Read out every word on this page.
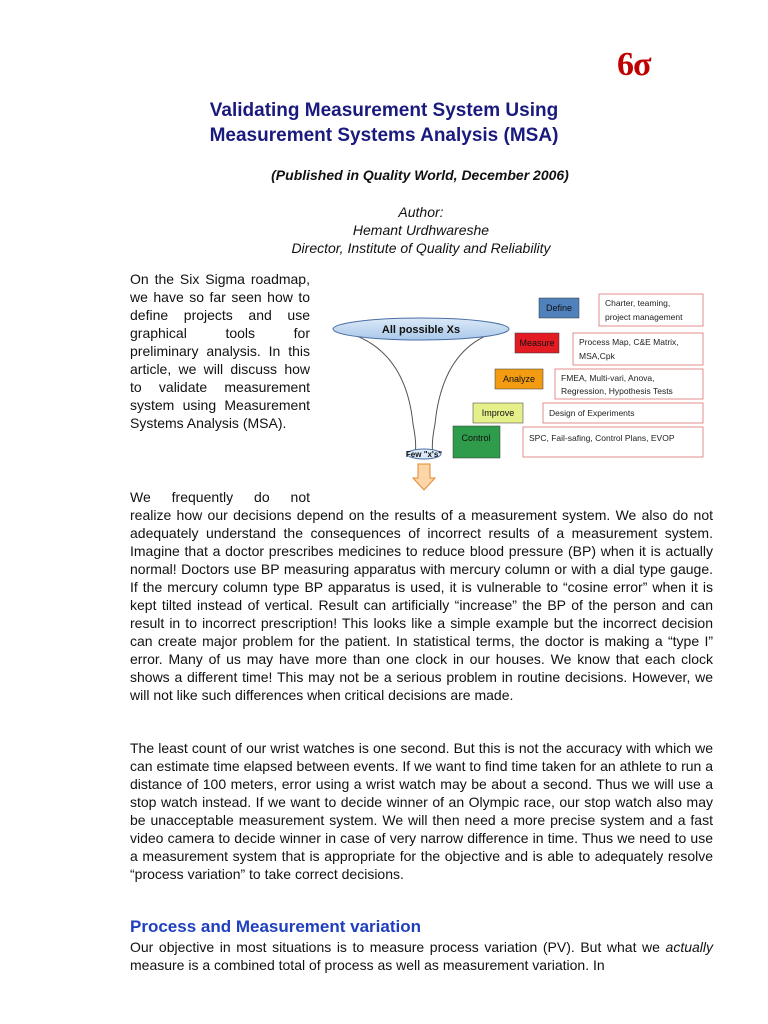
6σ
Validating Measurement System Using
Measurement Systems Analysis (MSA)
(Published in Quality World, December 2006)
Author:
Hemant Urdhwareshe
Director, Institute of Quality and Reliability
On the Six Sigma roadmap, we have so far seen how to define projects and use graphical tools for preliminary analysis. In this article, we will discuss how to validate measurement system using Measurement Systems Analysis (MSA).
All possible Xs
Few "x's"
Define	Charter, teaming,
project management
Measure	Process Map, C&E Matrix,
MSA,Cpk
Analyze	FMEA, Multi-vari, Anova,
Regression, Hypothesis Tests
Improve	Design of Experiments
Control	SPC, Fail-safing, Control Plans, EVOP
We frequently do not
realize how our decisions depend on the results of a measurement system. We also do not adequately understand the consequences of incorrect results of a measurement system. Imagine that a doctor prescribes medicines to reduce blood pressure (BP) when it is actually normal! Doctors use BP measuring apparatus with mercury column or with a dial type gauge. If the mercury column type BP apparatus is used, it is vulnerable to “cosine error” when it is kept tilted instead of vertical. Result can artificially “increase” the BP of the person and can result in to incorrect prescription! This looks like a simple example but the incorrect decision can create major problem for the patient. In statistical terms, the doctor is making a “type I” error. Many of us may have more than one clock in our houses. We know that each clock shows a different time! This may not be a serious problem in routine decisions. However, we will not like such differences when critical decisions are made.
The least count of our wrist watches is one second. But this is not the accuracy with which we can estimate time elapsed between events. If we want to find time taken for an athlete to run a distance of 100 meters, error using a wrist watch may be about a second. Thus we will use a stop watch instead. If we want to decide winner of an Olympic race, our stop watch also may be unacceptable measurement system. We will then need a more precise system and a fast video camera to decide winner in case of very narrow difference in time. Thus we need to use a measurement system that is appropriate for the objective and is able to adequately resolve “process variation” to take correct decisions.
Process and Measurement variation
Our objective in most situations is to measure process variation (PV). But what we actually measure is a combined total of process as well as measurement variation. In
